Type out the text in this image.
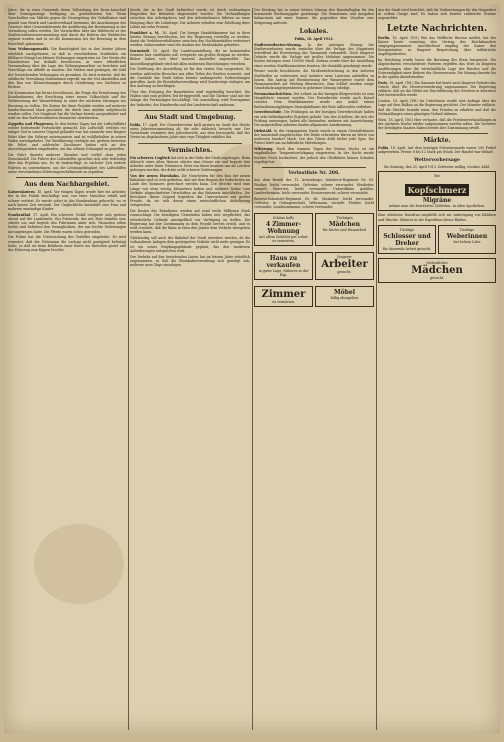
Jahre, die in einer Gemeinde deren Vollziehung der Kreis-Ausschuß über Vermögenslage Verfügung zu gewährleisten hat. Wenn Vorschriften von Mitteln gegen die Neuregelung der Verhältnisse sind gemäß vom Bezirk und Landesverband bestimmt, die Anordnungen des Gesetzes über Gemeindebeamte die Ausführung der Bestimmung in der Verwaltung sollen werden. Die Vorschriften über das Wahlrecht zu der Stadtverordnetenversammlung sind durch die Reform des Wahlrechts ergänzt worden und es sei die Kommission bei der Beratung zu dem Entschluß gekommen.

Vom Wohnungsmarkt. Die Bautätigkeit hat in den letzten Jahren erheblich nachgelassen, so daß in verschiedenen Stadtteilen ein fühlbarer Mangel an kleinen Wohnungen eingetreten ist. Der Verein der Hausbesitzer hat deshalb beschlossen, in einer öffentlichen Versammlung über die Lage des Wohnungsmarktes zu berichten und Vorschläge zur Abhilfe zu machen. Die Mieten sind gestiegen, die Zahl der leerstehenden Wohnungen ist gesunken. Es wird erwartet, daß die städtische Verwaltung Maßnahmen ergreift, um der Not abzuhelfen und den Bau von Kleinwohnungen durch Gewährung von Darlehen zu fördern.

Die Kommission hat ferner beschlossen, die Frage der Erweiterung des Krankenhauses, der Errichtung einer neuen Volksschule und der Verbesserung der Wasserleitung in einer der nächsten Sitzungen zur Beratung zu stellen. Die Kosten für diese Projekte werden auf mehrere hunderttausend Mark geschätzt, die durch eine Anleihe aufgebracht werden sollen. Der Magistrat hat die Vorlage bereits ausgearbeitet und wird sie den Stadtverordneten demnächst unterbreiten.

Zeppelin und Flugwesen. In den letzten Tagen hat die Luftschiffahrt wieder bedeutende Fortschritte gemacht. Das Luftschiff, welches vor einiger Zeit in unserer Gegend gelandet war, hat nunmehr eine längere Fahrt über das Gebirge unternommen und ist wohlbehalten in seinen Hafen zurückgekehrt. Die Bevölkerung verfolgte mit großem Interesse die Fahrt, und zahlreiche Zuschauer hatten sich an den Aussichtspunkten eingefunden, um das seltene Schauspiel zu genießen.

Die Fahrt dauerte mehrere Stunden und verlief ohne jeden Zwischenfall. Die Führer des Luftschiffes sprachen sich sehr befriedigt über das Ergebnis aus. Es ist beabsichtigt, in nächster Zeit weitere Fahrten zu unternehmen, um die Leistungsfähigkeit des Luftschiffes unter verschiedenen Witterungsverhältnissen zu erproben.

Aus dem Nachbargebiet.

Kaiserslautern, 16. April. Vor einigen Tagen wurde hier ein Arbeiter, der in der Fabrik beschäftigt war, von einer Maschine erfaßt und schwer verletzt. Er wurde sofort in das Krankenhaus gebracht, wo er nach kurzer Zeit verstarb. Der Unglückliche hinterläßt eine Frau und mehrere unmündige Kinder.

Frankenthal, 17. April. Ein schwerer Unfall ereignete sich gestern abend auf der Landstraße. Ein Fuhrwerk, das mit Holz beladen war, stürzte um und begrub den Fuhrmann unter sich. Passanten eilten herbei und befreiten den Verunglückten, der nur leichte Verletzungen davongetragen hatte. Die Pferde waren scheu geworden.

Die Polizei hat die Untersuchung des Vorfalles eingeleitet. Es wird vermutet, daß der Fuhrmann die Ladung nicht genügend befestigt hatte, so daß sie beim Befahren einer Kurve ins Rutschen geriet und das Fahrzeug zum Kippen brachte.

Streik, der in der Stadt befürchtet wurde, ist durch rechtzeitiges Eingreifen der Behörden abgewendet worden. Die Verhandlungen zwischen den Arbeitgebern und den Arbeitnehmern führten zu einer Einigung über die Lohnfrage. Die Arbeiter erhalten eine Erhöhung ihrer Löhne um zehn Prozent.

Frankfurt a. M., 16. April. Die hiesige Handelskammer hat in ihrer letzten Sitzung beschlossen, bei der Regierung vorstellig zu werden, damit die Verkehrsverhältnisse zwischen den Nachbarstädten verbessert werden. Insbesondere wird der Ausbau der Straßenbahn gefordert.

Darmstadt, 15. April. Die Landesausstellung, die im kommenden Sommer hier stattfinden soll, verspricht ein großes Ereignis zu werden. Bisher haben sich über tausend Aussteller angemeldet. Das Ausstellungsgelände wird mit allen modernen Einrichtungen versehen.

Die Eröffnung der Ausstellung ist für den ersten Mai vorgesehen. Es werden zahlreiche Besucher aus allen Teilen des Reiches erwartet, und die Gasthöfe der Stadt haben bereits umfangreiche Vorbereitungen getroffen. Auch die Eisenbahnverwaltung wird Sonderzüge einlegen, um den Andrang zu bewältigen.

Über den Fortgang der Bauarbeiten wird regelmäßig berichtet. Die Hallen sind zum größten Teil fertiggestellt, und die Gärtner sind mit der Anlage der Parkanlagen beschäftigt. Die Ausstellung wird Erzeugnisse der Industrie, des Handwerks und der Landwirtschaft umfassen.

Aus Stadt und Umgebung.

Fulda, 17. April. Der Gewerbeverein hielt gestern im Saale des Hotels seine Jahresversammlung ab, die sehr zahlreich besucht war. Der Vorsitzende erstattete den Jahresbericht, aus dem hervorgeht, daß der Verein im abgelaufenen Jahre eine rege Tätigkeit entfaltet hat.

Vermischtes.

Ein schweres Unglück hat sich in der Nähe der Stadt zugetragen. Beim Abbruch eines alten Hauses stürzte eine Mauer ein und begrub drei Arbeiter unter ihren Trümmern. Zwei von ihnen konnten nur als Leichen geborgen werden, der dritte erlitt schwere Verletzungen.

Von der neuen Eisenbahn. Die Vorarbeiten für den Bau der neuen Bahnlinie sind so weit gediehen, daß mit dem Beginn der Erdarbeiten im Laufe des Sommers gerechnet werden kann. Die Strecke wird eine Länge von etwa vierzig Kilometern haben und mehrere bisher vom Verkehr abgeschnittene Ortschaften an das Bahnnetz anschließen. Die Bewohner dieser Gegend begrüßen das Unternehmen mit großer Freude, da sie sich davon einen wirtschaftlichen Aufschwung versprechen.

Die Kosten des Bahnbaues werden auf rund sechs Millionen Mark veranschlagt. Die beteiligten Gemeinden haben sich verpflichtet, das erforderliche Gelände unentgeltlich zur Verfügung zu stellen. Die Regierung hat ihre Zustimmung zu dem Projekt bereits erteilt, und es wird erwartet, daß die Bahn in etwa drei Jahren dem Verkehr übergeben werden kann.

Gleichzeitig soll auch der Bahnhof der Stadt erweitert werden, da die vorhandenen Anlagen dem gesteigerten Verkehr nicht mehr genügen. Es ist ein neues Empfangsgebäude geplant, das den modernen Anforderungen entsprechen wird.

Der Verkehr auf den bestehenden Linien hat im letzten Jahre erheblich zugenommen, so daß die Eisenbahnverwaltung sich genötigt sah, mehrere neue Züge einzulegen.

Der Kreistag hat in seiner letzten Sitzung den Haushaltsplan für das kommende Rechnungsjahr genehmigt. Die Einnahmen und Ausgaben balancieren mit einer Summe, die gegenüber dem Vorjahre eine Steigerung aufweist.

Lokales.

Fulda, 18. April 1913.

Stadtverordneten-Sitzung. In der gestrigen Sitzung der Stadtverordneten wurde zunächst über die Vorlage des Magistrats betreffend die Erweiterung der Gasanstalt verhandelt. Nach längerer Debatte wurde die Vorlage mit großer Mehrheit angenommen. Die Kosten betragen etwa 150000 Mark. Sodann wurde über die Anstellung eines zweiten Stadtbaumeisters beraten, die ebenfalls genehmigt wurde.

Ferner wurde beschlossen, die Straßenbeleuchtung in den äußeren Stadtteilen zu verbessern und mehrere neue Laternen aufstellen zu lassen. Ein Antrag auf Herabsetzung der Wasserpreise wurde dem Finanzausschuß zur Prüfung überwiesen. Zum Schluß wurden einige Grundstücksangelegenheiten in geheimer Sitzung erledigt.

Personalnachrichten. Der Lehrer an der hiesigen Bürgerschule ist zum Hauptlehrer ernannt worden. Der Postsekretär wurde nach Kassel versetzt. Dem Stadtkämmerer wurde aus Anlaß seines fünfundzwanzigjährigen Dienstjubiläums der Rote Adlerorden verliehen.

Gewerbeschule. Die Prüfungen an der hiesigen Gewerbeschule haben ein sehr befriedigendes Ergebnis gehabt. Von den Schülern, die sich der Prüfung unterzogen, haben alle bestanden, mehrere mit Auszeichnung. Die ausgestellten Arbeiten fanden allgemeine Anerkennung.

Diebstahl. In der vergangenen Nacht wurde in einem Geschäftshause der Innenstadt eingebrochen. Die Diebe erbeuteten Waren im Werte von mehreren hundert Mark. Von den Tätern fehlt bisher jede Spur. Die Polizei bittet um sachdienliche Mitteilungen.

Witterung. Nach den warmen Tagen der letzten Woche ist ein empfindlicher Temperaturrückgang eingetreten. In der Nacht wurde leichter Frost beobachtet, der jedoch den Obstblüten keinen Schaden zugefügt hat.

Verlustliste Nr. 206.

Aus dem Bezirk des 11. Armeekorps: Infanterie-Regiment Nr. 83. Füsilier, leicht verwundet. Gefreiter, schwer verwundet. Musketier, vermißt. Reservist, leicht verwundet. Unteroffizier, gefallen. Landwehrmann, leicht verwundet. Ersatzreservist, schwer verwundet.

Reserve-Infanterie-Regiment Nr. 88. Musketier, leicht verwundet. Gefreiter, in Gefangenschaft. Wehrmann, vermißt. Füsilier, leicht verwundet. Landsturmmann, schwer verwundet.

Schöne helle
4 Zimmer-Wohnung
mit allem Zubehör per sofort zu vermieten.
Tüchtiges
Mädchen
für Küche und Hausarbeit
Haus zu verkaufen
in guter Lage, Näheres in der Exp.
Jüngerer
Arbeiter
gesucht.
Zimmer
zu vermieten.
Möbel
billig abzugeben

Aus der Stadt wird berichtet, daß die Vorbereitungen für das Sängerfest in vollem Gange sind. Es haben sich bereits zahlreiche Vereine angemeldet.

Letzte Nachrichten.

Berlin, 18. April. (Tel.) Wie das Wolffsche Bureau meldet, hat der Kaiser heute vormittag den Vortrag des Reichskanzlers entgegengenommen. Anschließend empfing der Kaiser den Kriegsminister zu längerer Besprechung über militärische Angelegenheiten.

Im Reichstag wurde heute die Beratung des Etats fortgesetzt. Die Abgeordneten verschiedener Parteien ergriffen das Wort zu längeren Ausführungen über die wirtschaftliche Lage des Reiches und die Notwendigkeit einer Reform des Steuerwesens. Die Sitzung dauerte bis in die späten Abendstunden.

Paris, 18. April. (Tel.) Die Kammer hat heute nach längerer Debatte das Gesetz über die Heeresvermehrung angenommen. Die Regierung erklärte, daß sie die Mittel zur Durchführung des Gesetzes in kürzester Zeit bereitstellen werde.

London, 18. April. (Tel.) Im Unterhause wurde eine Anfrage über die Lage auf dem Balkan an die Regierung gerichtet. Der Minister erklärte, daß die Mächte bemüht seien, den Frieden zu erhalten und daß die Verhandlungen einen günstigen Verlauf nähmen.

Wien, 18. April. (Tel.) Hier verlautet, daß die Friedensverhandlungen in der nächsten Woche wieder aufgenommen werden sollen. Die Vertreter der beteiligten Staaten haben bereits ihre Zustimmung erteilt.

Märkte.

Fulda, 18. April. Auf dem heutigen Schweinemarkt waren 290 Ferkel aufgetrieben. Preise: 8 bis 12 Mark pro Stück. Der Handel war lebhaft.

Wettervorhersage

für Sonntag, den 20. April 1913. Zeitweise wolkig, trocken, kühl.

Bei
Kopfschmerz
Migräne
nehme man die bewährten Tabletten. In allen Apotheken.

Eine erfahrene Hausfrau empfiehlt sich zur Anfertigung von Kleidern und Wäsche. Näheres in der Expedition dieses Blattes.

Tüchtige
Schlosser und Dreher
für dauernde Arbeit gesucht.
Tüchtige
Weberinnen
bei hohem Lohn
Ordentliches
Mädchen
gesucht.
